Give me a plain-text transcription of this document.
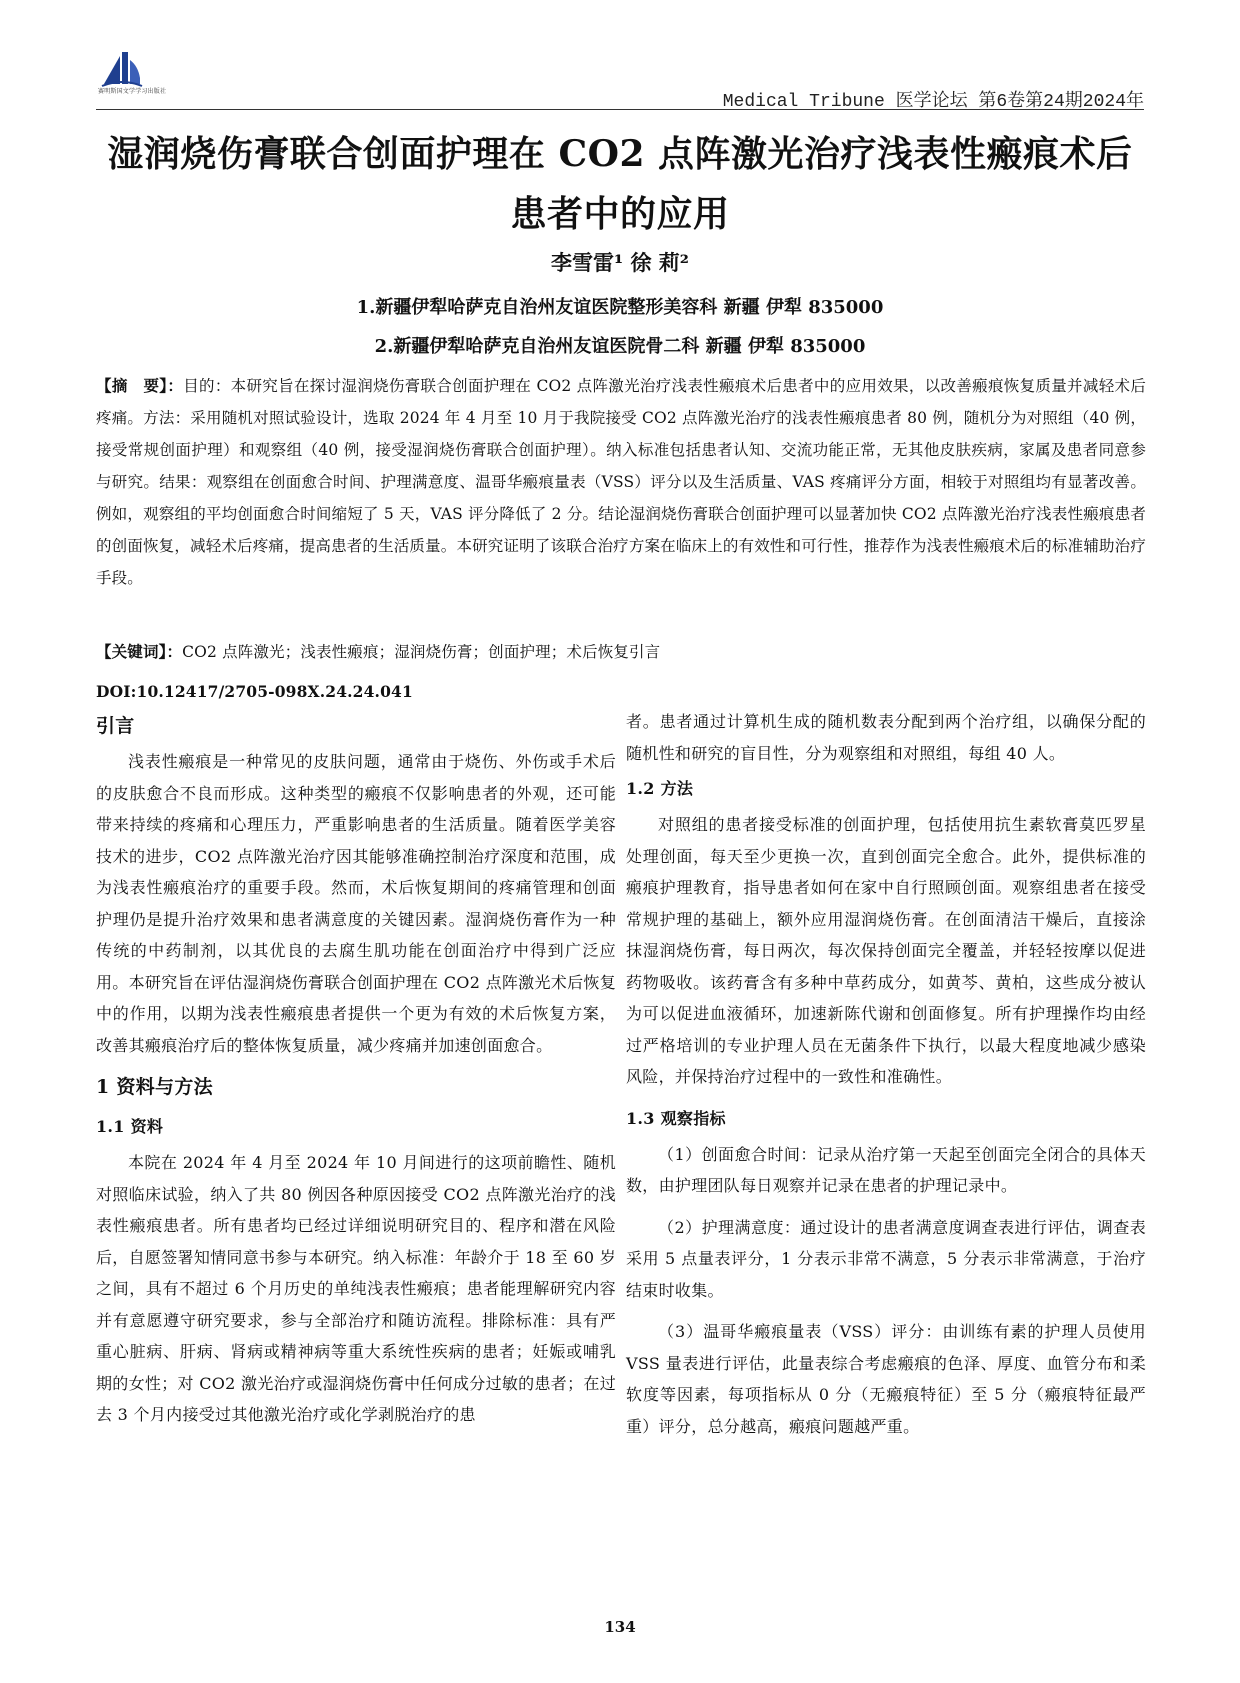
赛明斯国文学学习出版社
Medical Tribune 医学论坛 第6卷第24期2024年
湿润烧伤膏联合创面护理在 CO2 点阵激光治疗浅表性瘢痕术后患者中的应用
李雪雷¹ 徐 莉²
1.新疆伊犁哈萨克自治州友谊医院整形美容科 新疆 伊犁 835000
2.新疆伊犁哈萨克自治州友谊医院骨二科 新疆 伊犁 835000
【摘　要】：目的：本研究旨在探讨湿润烧伤膏联合创面护理在 CO2 点阵激光治疗浅表性瘢痕术后患者中的应用效果，以改善瘢痕恢复质量并减轻术后疼痛。方法：采用随机对照试验设计，选取 2024 年 4 月至 10 月于我院接受 CO2 点阵激光治疗的浅表性瘢痕患者 80 例，随机分为对照组（40 例，接受常规创面护理）和观察组（40 例，接受湿润烧伤膏联合创面护理）。纳入标准包括患者认知、交流功能正常，无其他皮肤疾病，家属及患者同意参与研究。结果：观察组在创面愈合时间、护理满意度、温哥华瘢痕量表（VSS）评分以及生活质量、VAS 疼痛评分方面，相较于对照组均有显著改善。例如，观察组的平均创面愈合时间缩短了 5 天，VAS 评分降低了 2 分。结论湿润烧伤膏联合创面护理可以显著加快 CO2 点阵激光治疗浅表性瘢痕患者的创面恢复，减轻术后疼痛，提高患者的生活质量。本研究证明了该联合治疗方案在临床上的有效性和可行性，推荐作为浅表性瘢痕术后的标准辅助治疗手段。
【关键词】：CO2 点阵激光；浅表性瘢痕；湿润烧伤膏；创面护理；术后恢复引言
DOI:10.12417/2705-098X.24.24.041
引言

浅表性瘢痕是一种常见的皮肤问题，通常由于烧伤、外伤或手术后的皮肤愈合不良而形成。这种类型的瘢痕不仅影响患者的外观，还可能带来持续的疼痛和心理压力，严重影响患者的生活质量。随着医学美容技术的进步，CO2 点阵激光治疗因其能够准确控制治疗深度和范围，成为浅表性瘢痕治疗的重要手段。然而，术后恢复期间的疼痛管理和创面护理仍是提升治疗效果和患者满意度的关键因素。湿润烧伤膏作为一种传统的中药制剂，以其优良的去腐生肌功能在创面治疗中得到广泛应用。本研究旨在评估湿润烧伤膏联合创面护理在 CO2 点阵激光术后恢复中的作用，以期为浅表性瘢痕患者提供一个更为有效的术后恢复方案，改善其瘢痕治疗后的整体恢复质量，减少疼痛并加速创面愈合。

1 资料与方法
1.1 资料

本院在 2024 年 4 月至 2024 年 10 月间进行的这项前瞻性、随机对照临床试验，纳入了共 80 例因各种原因接受 CO2 点阵激光治疗的浅表性瘢痕患者。所有患者均已经过详细说明研究目的、程序和潜在风险后，自愿签署知情同意书参与本研究。纳入标准：年龄介于 18 至 60 岁之间，具有不超过 6 个月历史的单纯浅表性瘢痕；患者能理解研究内容并有意愿遵守研究要求，参与全部治疗和随访流程。排除标准：具有严重心脏病、肝病、肾病或精神病等重大系统性疾病的患者；妊娠或哺乳期的女性；对 CO2 激光治疗或湿润烧伤膏中任何成分过敏的患者；在过去 3 个月内接受过其他激光治疗或化学剥脱治疗的患

者。患者通过计算机生成的随机数表分配到两个治疗组，以确保分配的随机性和研究的盲目性，分为观察组和对照组，每组 40 人。

1.2 方法

对照组的患者接受标准的创面护理，包括使用抗生素软膏莫匹罗星处理创面，每天至少更换一次，直到创面完全愈合。此外，提供标准的瘢痕护理教育，指导患者如何在家中自行照顾创面。观察组患者在接受常规护理的基础上，额外应用湿润烧伤膏。在创面清洁干燥后，直接涂抹湿润烧伤膏，每日两次，每次保持创面完全覆盖，并轻轻按摩以促进药物吸收。该药膏含有多种中草药成分，如黄芩、黄柏，这些成分被认为可以促进血液循环，加速新陈代谢和创面修复。所有护理操作均由经过严格培训的专业护理人员在无菌条件下执行，以最大程度地减少感染风险，并保持治疗过程中的一致性和准确性。

1.3 观察指标

（1）创面愈合时间：记录从治疗第一天起至创面完全闭合的具体天数，由护理团队每日观察并记录在患者的护理记录中。

（2）护理满意度：通过设计的患者满意度调查表进行评估，调查表采用 5 点量表评分，1 分表示非常不满意，5 分表示非常满意，于治疗结束时收集。

（3）温哥华瘢痕量表（VSS）评分：由训练有素的护理人员使用 VSS 量表进行评估，此量表综合考虑瘢痕的色泽、厚度、血管分布和柔软度等因素，每项指标从 0 分（无瘢痕特征）至 5 分（瘢痕特征最严重）评分，总分越高，瘢痕问题越严重。

134
